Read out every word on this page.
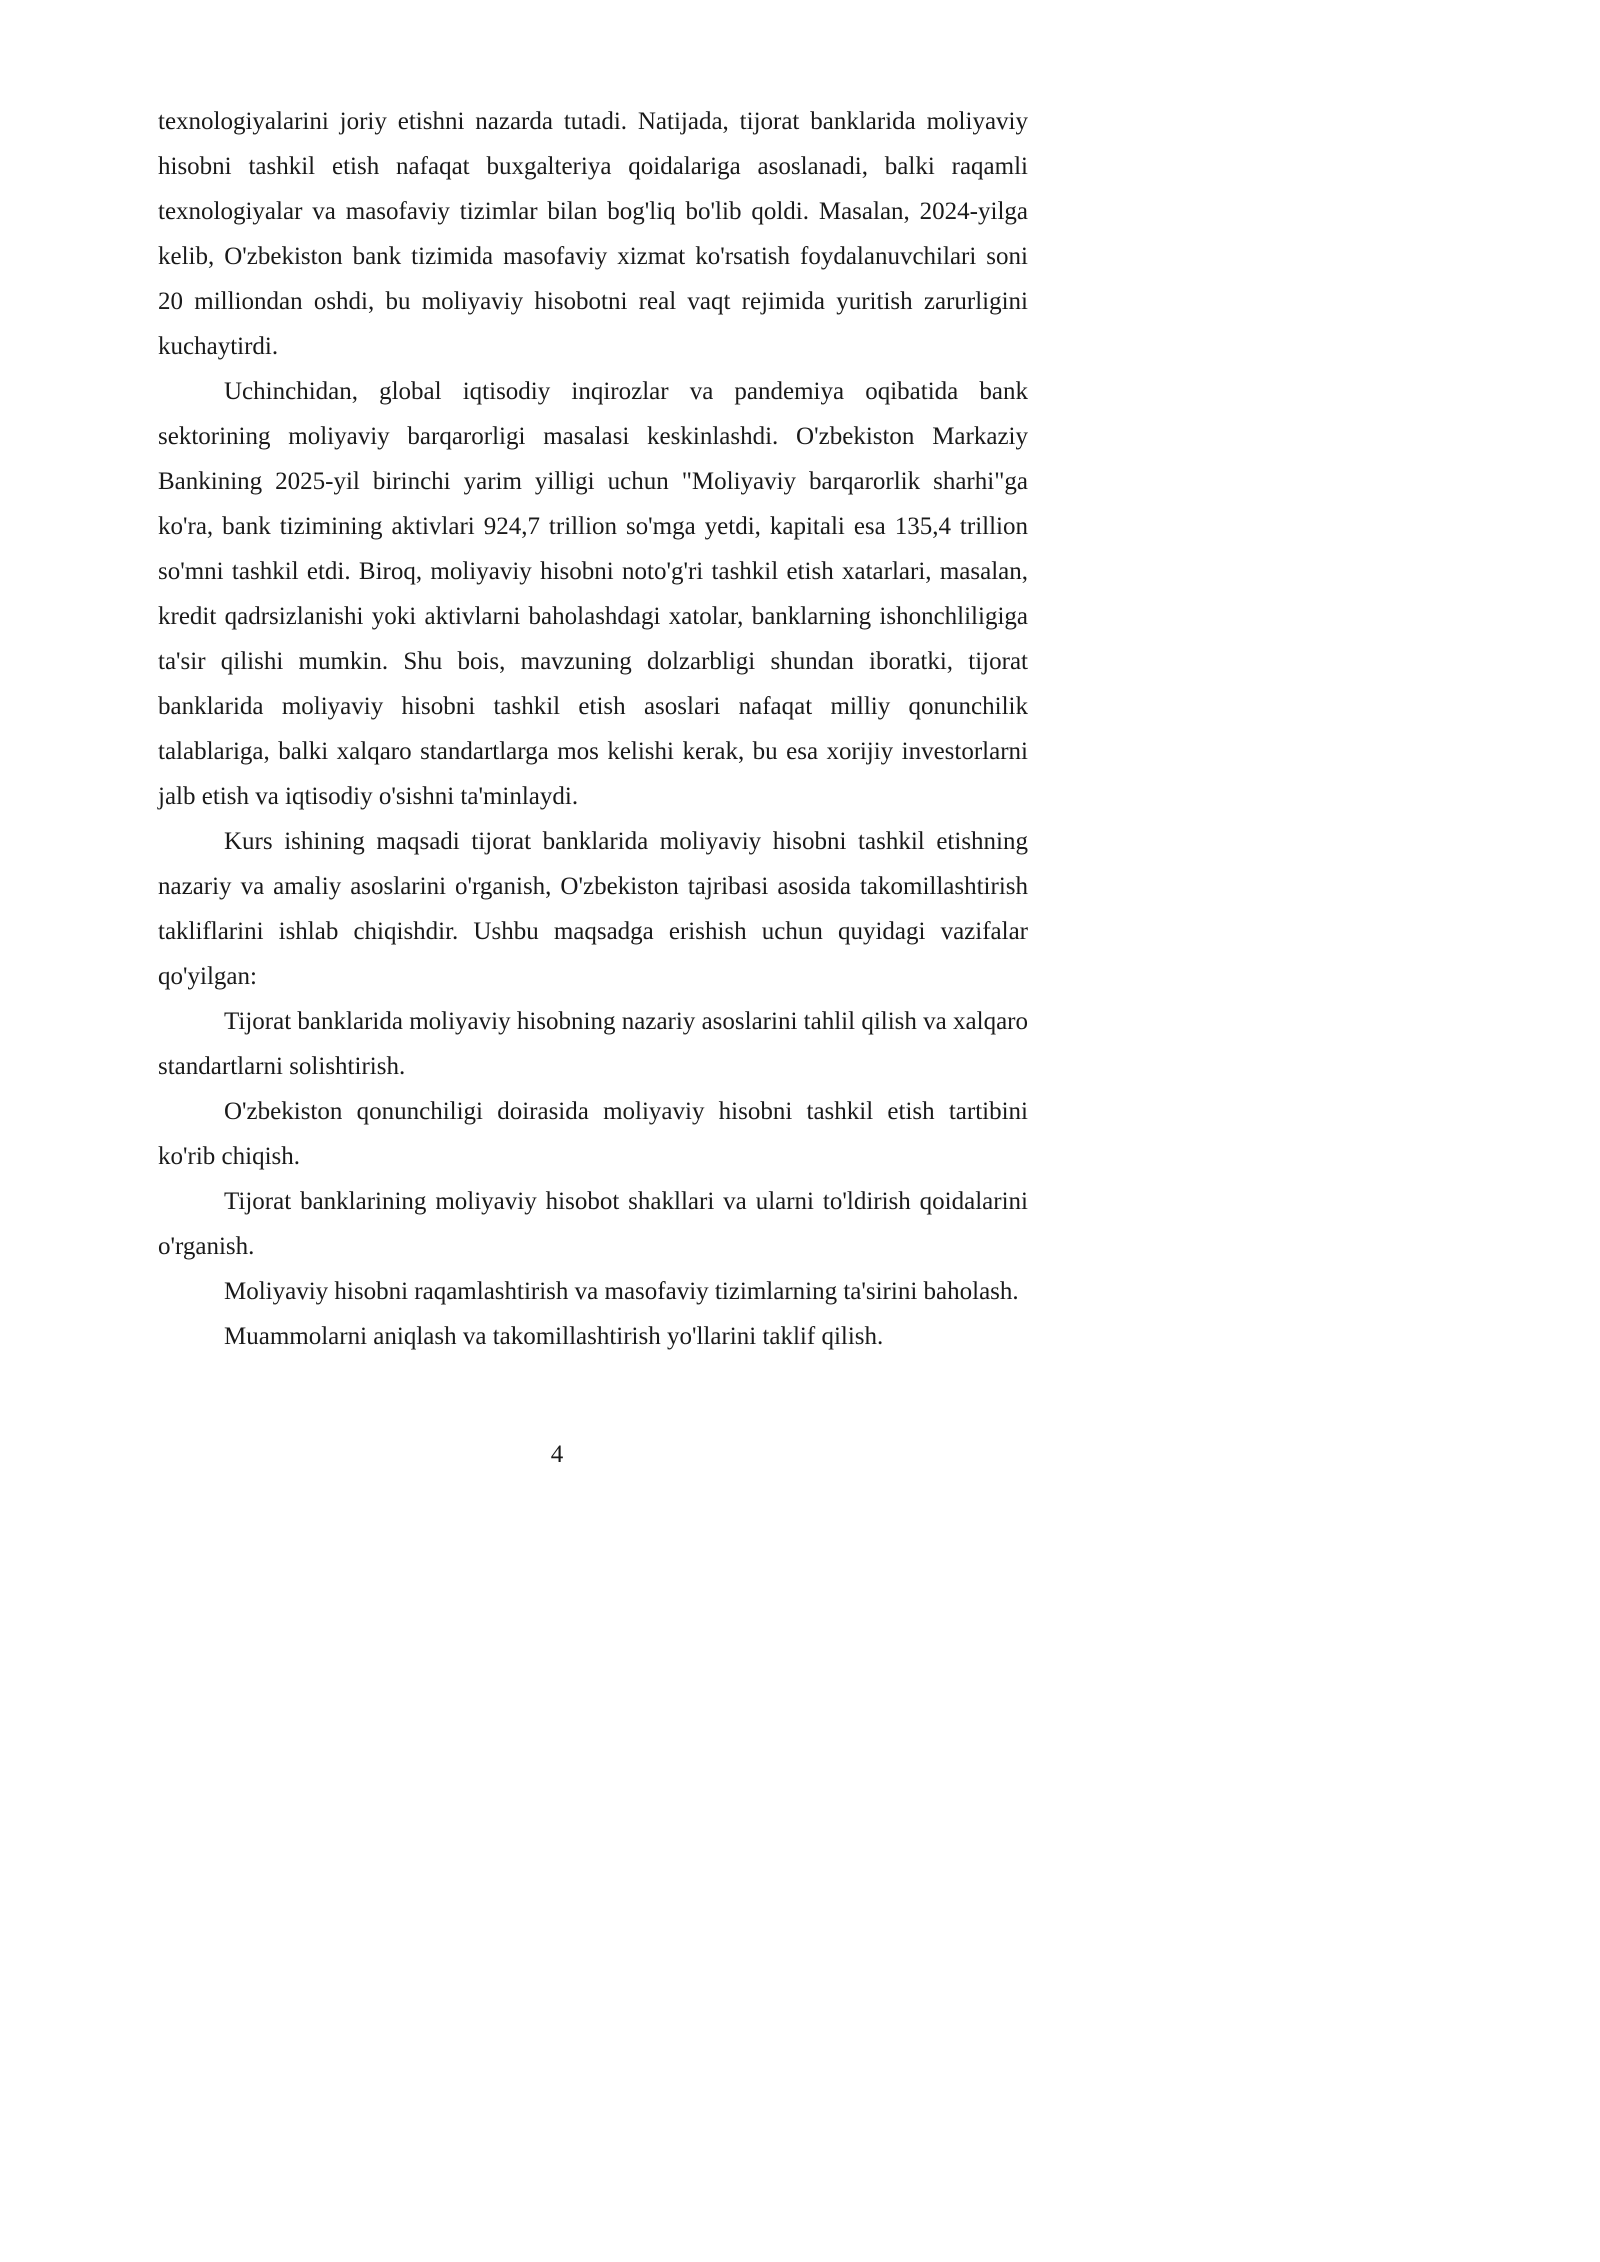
texnologiyalarini joriy etishni nazarda tutadi. Natijada, tijorat banklarida moliyaviy hisobni tashkil etish nafaqat buxgalteriya qoidalariga asoslanadi, balki raqamli texnologiyalar va masofaviy tizimlar bilan bog'liq bo'lib qoldi. Masalan, 2024-yilga kelib, O'zbekiston bank tizimida masofaviy xizmat ko'rsatish foydalanuvchilari soni 20 milliondan oshdi, bu moliyaviy hisobotni real vaqt rejimida yuritish zarurligini kuchaytirdi.

Uchinchidan, global iqtisodiy inqirozlar va pandemiya oqibatida bank sektorining moliyaviy barqarorligi masalasi keskinlashdi. O'zbekiston Markaziy Bankining 2025-yil birinchi yarim yilligi uchun "Moliyaviy barqarorlik sharhi"ga ko'ra, bank tizimining aktivlari 924,7 trillion so'mga yetdi, kapitali esa 135,4 trillion so'mni tashkil etdi. Biroq, moliyaviy hisobni noto'g'ri tashkil etish xatarlari, masalan, kredit qadrsizlanishi yoki aktivlarni baholashdagi xatolar, banklarning ishonchliligiga ta'sir qilishi mumkin. Shu bois, mavzuning dolzarbligi shundan iboratki, tijorat banklarida moliyaviy hisobni tashkil etish asoslari nafaqat milliy qonunchilik talablariga, balki xalqaro standartlarga mos kelishi kerak, bu esa xorijiy investorlarni jalb etish va iqtisodiy o'sishni ta'minlaydi.

Kurs ishining maqsadi tijorat banklarida moliyaviy hisobni tashkil etishning nazariy va amaliy asoslarini o'rganish, O'zbekiston tajribasi asosida takomillashtirish takliflarini ishlab chiqishdir. Ushbu maqsadga erishish uchun quyidagi vazifalar qo'yilgan:

Tijorat banklarida moliyaviy hisobning nazariy asoslarini tahlil qilish va xalqaro standartlarni solishtirish.

O'zbekiston qonunchiligi doirasida moliyaviy hisobni tashkil etish tartibini ko'rib chiqish.

Tijorat banklarining moliyaviy hisobot shakllari va ularni to'ldirish qoidalarini o'rganish.

Moliyaviy hisobni raqamlashtirish va masofaviy tizimlarning ta'sirini baholash.

Muammolarni aniqlash va takomillashtirish yo'llarini taklif qilish.

4
